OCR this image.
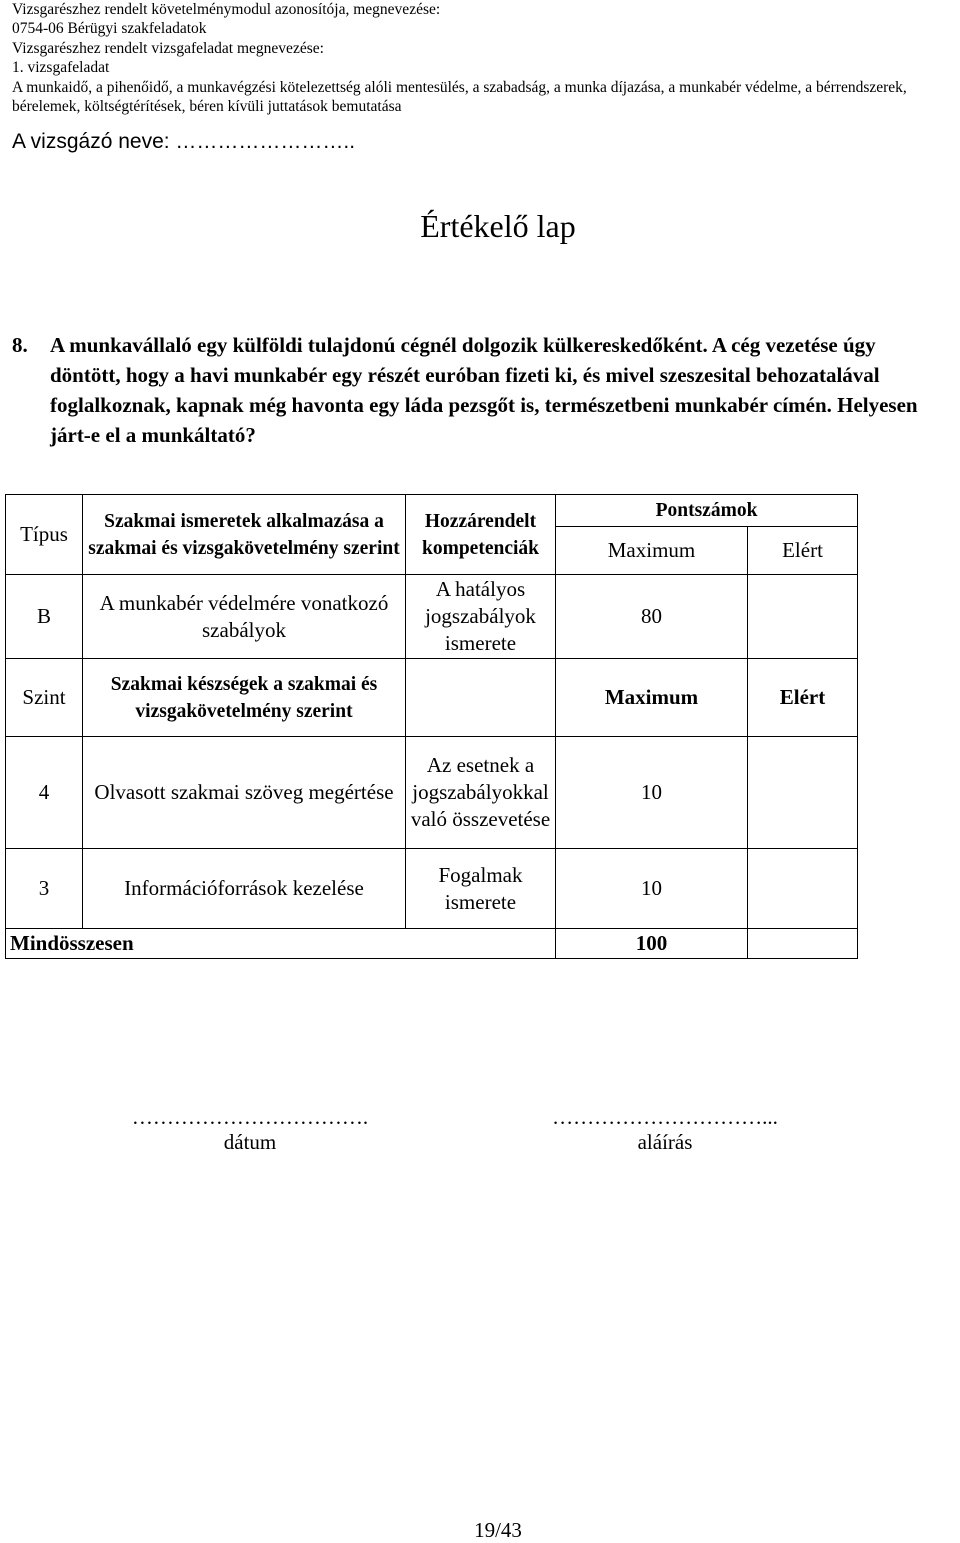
Vizsgarészhez rendelt követelménymodul azonosítója, megnevezése:
0754-06 Bérügyi szakfeladatok
Vizsgarészhez rendelt vizsgafeladat megnevezése:
1. vizsgafeladat
A munkaidő, a pihenőidő, a munkavégzési kötelezettség alóli mentesülés, a szabadság, a munka díjazása, a munkabér védelme, a bérrendszerek, bérelemek, költségtérítések, béren kívüli juttatások bemutatása
A vizsgázó neve: ……………………..
Értékelő lap
8. A munkavállaló egy külföldi tulajdonú cégnél dolgozik külkereskedőként. A cég vezetése úgy döntött, hogy a havi munkabér egy részét euróban fizeti ki, és mivel szeszesital behozatalával foglalkoznak, kapnak még havonta egy láda pezsgőt is, természetbeni munkabér címén. Helyesen járt-e el a munkáltató?
Típus	Szakmai ismeretek alkalmazása a szakmai és vizsgakövetelmény szerint	Hozzárendelt kompetenciák	Pontszámok	
			Maximum	Elért
B	A munkabér védelmére vonatkozó szabályok	A hatályos jogszabályok ismerete	80	
Szint	Szakmai készségek a szakmai és vizsgakövetelmény szerint		Maximum	Elért
4	Olvasott szakmai szöveg megértése	Az esetnek a jogszabályokkal való összevetése	10	
3	Információforrások kezelése	Fogalmak ismerete	10	
Mindösszesen			100	
…………………………….
dátum
…………………………...
aláírás
19/43
